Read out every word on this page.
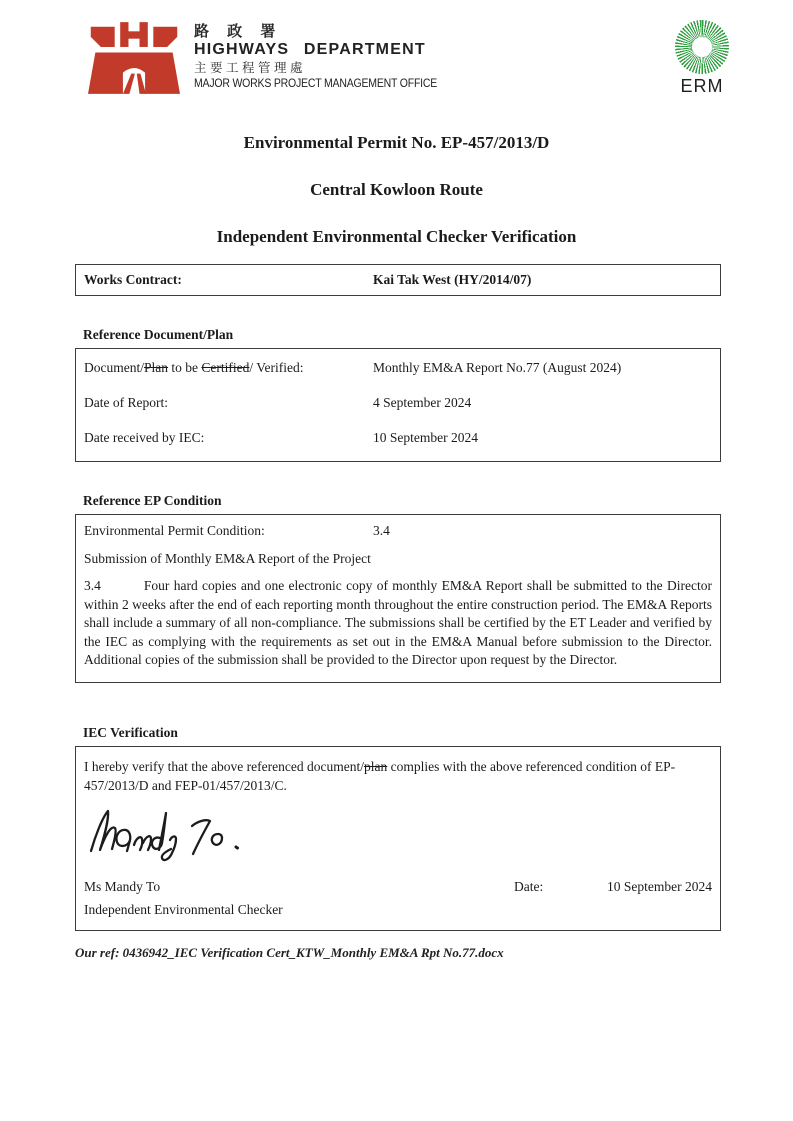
路 政 署
HIGHWAYS DEPARTMENT
主要工程管理處
MAJOR WORKS PROJECT MANAGEMENT OFFICE	ERM
Environmental Permit No. EP-457/2013/D
Central Kowloon Route
Independent Environmental Checker Verification
Works Contract:	Kai Tak West (HY/2014/07)
Reference Document/Plan
Document/Plan to be Certified/ Verified:	Monthly EM&A Report No.77 (August 2024)
Date of Report:	4 September 2024
Date received by IEC:	10 September 2024
Reference EP Condition
Environmental Permit Condition:	3.4
Submission of Monthly EM&A Report of the Project
3.4	Four hard copies and one electronic copy of monthly EM&A Report shall be submitted to the Director within 2 weeks after the end of each reporting month throughout the entire construction period. The EM&A Reports shall include a summary of all non-compliance. The submissions shall be certified by the ET Leader and verified by the IEC as complying with the requirements as set out in the EM&A Manual before submission to the Director. Additional copies of the submission shall be provided to the Director upon request by the Director.
IEC Verification
I hereby verify that the above referenced document/plan complies with the above referenced condition of EP-457/2013/D and FEP-01/457/2013/C.
Ms Mandy To	Date:	10 September 2024
Independent Environmental Checker
Our ref: 0436942_IEC Verification Cert_KTW_Monthly EM&A Rpt No.77.docx
